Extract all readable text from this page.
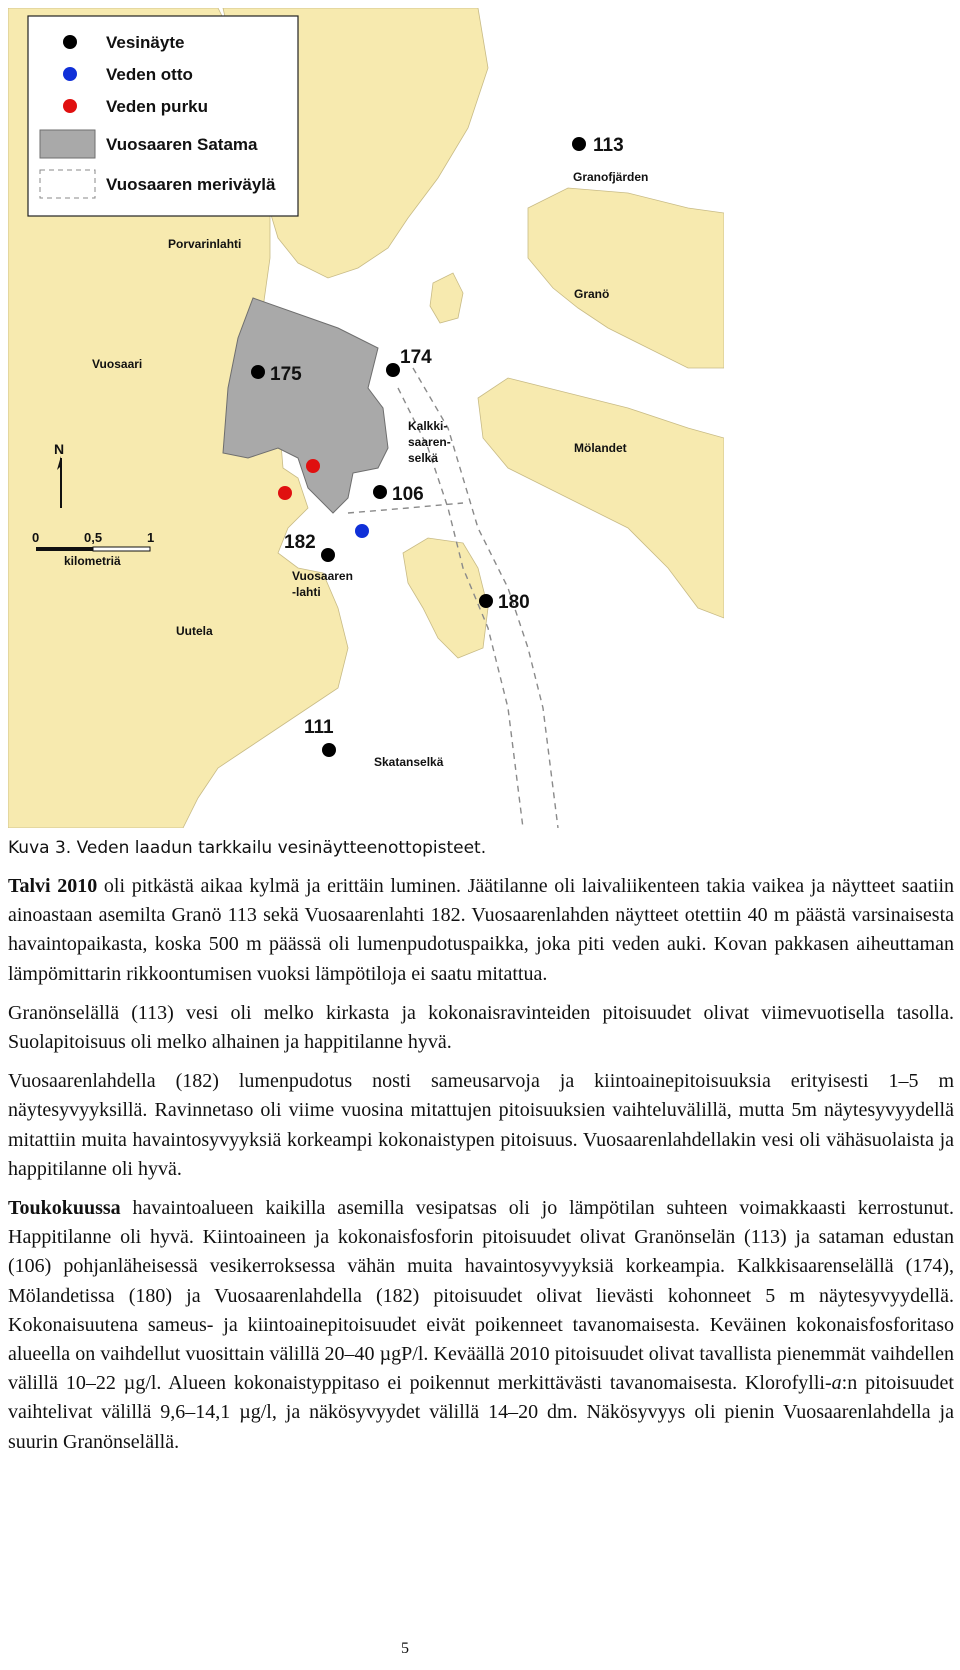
Vesinäyte
Veden otto
Veden purku
Vuosaaren Satama
Vuosaaren meriväylä	Granofjärden
Porvarinlahti
Granö
Vuosaari
Kalkki-
saaren-
selkä
Mölandet
Vuosaaren
-lahti
Uutela
Skatanselkä
113
175
174
106
182
180
111
N
0	0,5	1
kilometriä
Kuva 3. Veden laadun tarkkailu vesinäytteenottopisteet.

Talvi 2010 oli pitkästä aikaa kylmä ja erittäin luminen. Jäätilanne oli laivaliikenteen takia vaikea ja näytteet saatiin ainoastaan asemilta Granö 113 sekä Vuosaarenlahti 182. Vuosaarenlahden näytteet otettiin 40 m päästä varsinaisesta havaintopaikasta, koska 500 m päässä oli lumenpudotuspaikka, joka piti veden auki. Kovan pakkasen aiheuttaman lämpömittarin rikkoontumisen vuoksi lämpötiloja ei saatu mitattua.

Granönselällä (113) vesi oli melko kirkasta ja kokonaisravinteiden pitoisuudet olivat viimevuotisella tasolla. Suolapitoisuus oli melko alhainen ja happitilanne hyvä.

Vuosaarenlahdella (182) lumenpudotus nosti sameusarvoja ja kiintoainepitoisuuksia erityisesti 1–5 m näytesyvyyksillä. Ravinnetaso oli viime vuosina mitattujen pitoisuuksien vaihteluvälillä, mutta 5m näytesyvyydellä mitattiin muita havaintosyvyyksiä korkeampi kokonaistypen pitoisuus. Vuosaarenlahdellakin vesi oli vähäsuolaista ja happitilanne oli hyvä.

Toukokuussa havaintoalueen kaikilla asemilla vesipatsas oli jo lämpötilan suhteen voimakkaasti kerrostunut. Happitilanne oli hyvä. Kiintoaineen ja kokonaisfosforin pitoisuudet olivat Granönselän (113) ja sataman edustan (106) pohjanläheisessä vesikerroksessa vähän muita havaintosyvyyksiä korkeampia. Kalkkisaarenselällä (174), Mölandetissa (180) ja Vuosaarenlahdella (182) pitoisuudet olivat lievästi kohonneet 5 m näytesyvyydellä. Kokonaisuutena sameus- ja kiintoainepitoisuudet eivät poikenneet tavanomaisesta. Keväinen kokonaisfosforitaso alueella on vaihdellut vuosittain välillä 20–40 µgP/l. Keväällä 2010 pitoisuudet olivat tavallista pienemmät vaihdellen välillä 10–22 µg/l. Alueen kokonaistyppitaso ei poikennut merkittävästi tavanomaisesta. Klorofylli-a:n pitoisuudet vaihtelivat välillä 9,6–14,1 µg/l, ja näkösyvyydet välillä 14–20 dm. Näkösyvyys oli pienin Vuosaarenlahdella ja suurin Granönselällä.

5
